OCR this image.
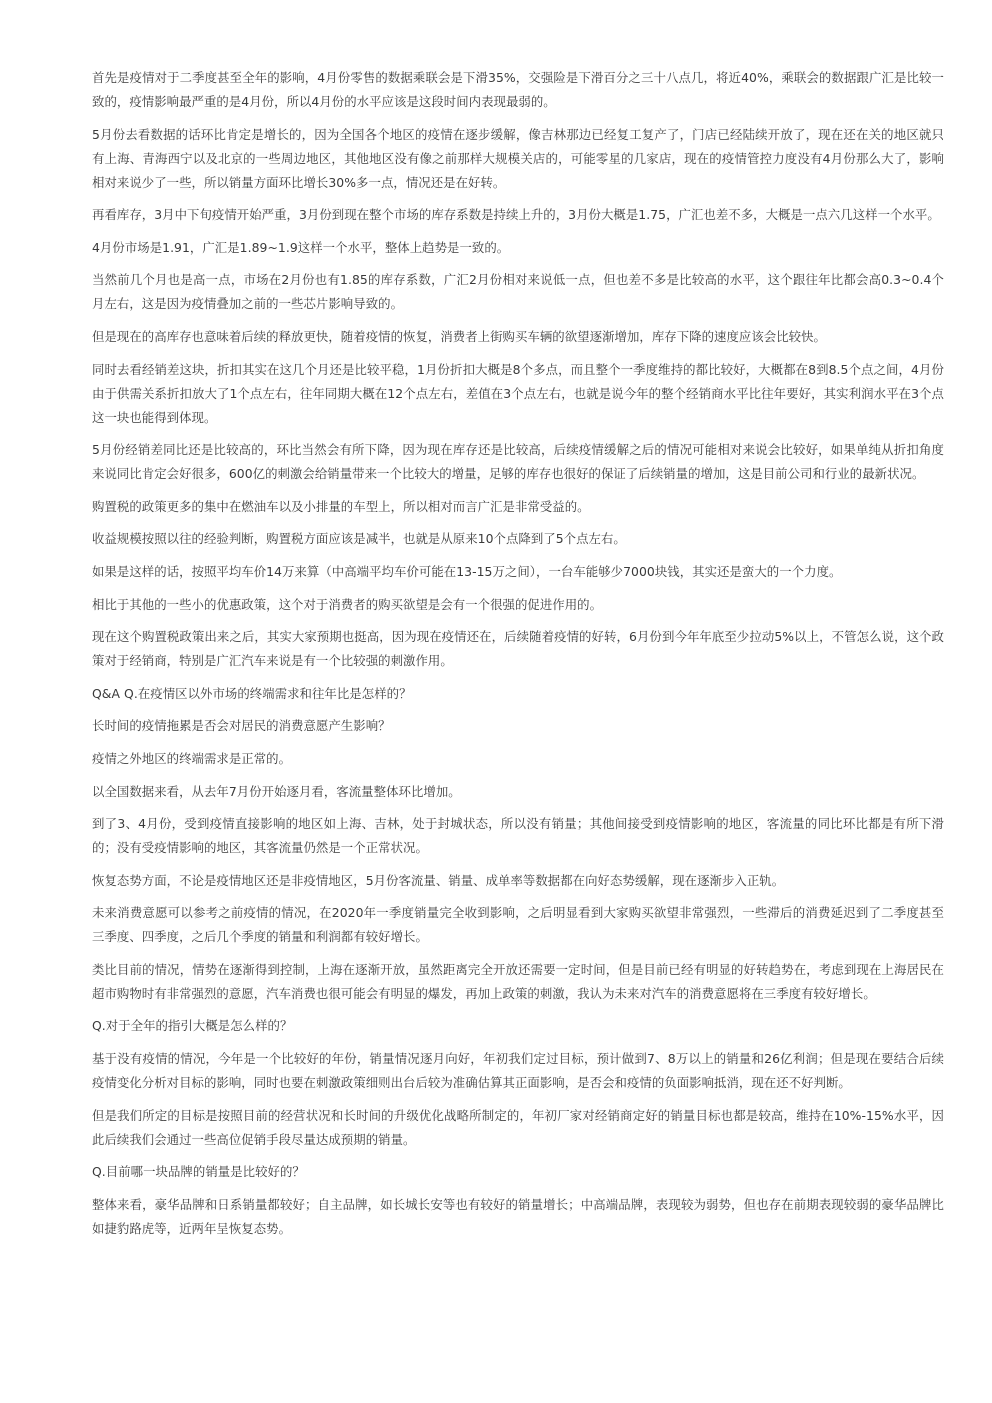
首先是疫情对于二季度甚至全年的影响，4月份零售的数据乘联会是下滑35%，交强险是下滑百分之三十八点几，将近40%，乘联会的数据跟广汇是比较一致的，疫情影响最严重的是4月份，所以4月份的水平应该是这段时间内表现最弱的。

5月份去看数据的话环比肯定是增长的，因为全国各个地区的疫情在逐步缓解，像吉林那边已经复工复产了，门店已经陆续开放了，现在还在关的地区就只有上海、青海西宁以及北京的一些周边地区，其他地区没有像之前那样大规模关店的，可能零星的几家店，现在的疫情管控力度没有4月份那么大了，影响相对来说少了一些，所以销量方面环比增长30%多一点，情况还是在好转。

再看库存，3月中下旬疫情开始严重，3月份到现在整个市场的库存系数是持续上升的，3月份大概是1.75，广汇也差不多，大概是一点六几这样一个水平。

4月份市场是1.91，广汇是1.89~1.9这样一个水平，整体上趋势是一致的。

当然前几个月也是高一点，市场在2月份也有1.85的库存系数，广汇2月份相对来说低一点，但也差不多是比较高的水平，这个跟往年比都会高0.3~0.4个月左右，这是因为疫情叠加之前的一些芯片影响导致的。

但是现在的高库存也意味着后续的释放更快，随着疫情的恢复，消费者上街购买车辆的欲望逐渐增加，库存下降的速度应该会比较快。

同时去看经销差这块，折扣其实在这几个月还是比较平稳，1月份折扣大概是8个多点，而且整个一季度维持的都比较好，大概都在8到8.5个点之间，4月份由于供需关系折扣放大了1个点左右，往年同期大概在12个点左右，差值在3个点左右，也就是说今年的整个经销商水平比往年要好，其实利润水平在3个点这一块也能得到体现。

5月份经销差同比还是比较高的，环比当然会有所下降，因为现在库存还是比较高，后续疫情缓解之后的情况可能相对来说会比较好，如果单纯从折扣角度来说同比肯定会好很多，600亿的刺激会给销量带来一个比较大的增量，足够的库存也很好的保证了后续销量的增加，这是目前公司和行业的最新状况。

购置税的政策更多的集中在燃油车以及小排量的车型上，所以相对而言广汇是非常受益的。

收益规模按照以往的经验判断，购置税方面应该是减半，也就是从原来10个点降到了5个点左右。

如果是这样的话，按照平均车价14万来算（中高端平均车价可能在13-15万之间），一台车能够少7000块钱，其实还是蛮大的一个力度。

相比于其他的一些小的优惠政策，这个对于消费者的购买欲望是会有一个很强的促进作用的。

现在这个购置税政策出来之后，其实大家预期也挺高，因为现在疫情还在，后续随着疫情的好转，6月份到今年年底至少拉动5%以上，不管怎么说，这个政策对于经销商，特别是广汇汽车来说是有一个比较强的刺激作用。

Q&A Q.在疫情区以外市场的终端需求和往年比是怎样的？

长时间的疫情拖累是否会对居民的消费意愿产生影响？

疫情之外地区的终端需求是正常的。

以全国数据来看，从去年7月份开始逐月看，客流量整体环比增加。

到了3、4月份，受到疫情直接影响的地区如上海、吉林，处于封城状态，所以没有销量；其他间接受到疫情影响的地区，客流量的同比环比都是有所下滑的；没有受疫情影响的地区，其客流量仍然是一个正常状况。

恢复态势方面，不论是疫情地区还是非疫情地区，5月份客流量、销量、成单率等数据都在向好态势缓解，现在逐渐步入正轨。

未来消费意愿可以参考之前疫情的情况，在2020年一季度销量完全收到影响，之后明显看到大家购买欲望非常强烈，一些滞后的消费延迟到了二季度甚至三季度、四季度，之后几个季度的销量和利润都有较好增长。

类比目前的情况，情势在逐渐得到控制，上海在逐渐开放，虽然距离完全开放还需要一定时间，但是目前已经有明显的好转趋势在，考虑到现在上海居民在超市购物时有非常强烈的意愿，汽车消费也很可能会有明显的爆发，再加上政策的刺激，我认为未来对汽车的消费意愿将在三季度有较好增长。

Q.对于全年的指引大概是怎么样的？

基于没有疫情的情况，今年是一个比较好的年份，销量情况逐月向好，年初我们定过目标，预计做到7、8万以上的销量和26亿利润；但是现在要结合后续疫情变化分析对目标的影响，同时也要在刺激政策细则出台后较为准确估算其正面影响，是否会和疫情的负面影响抵消，现在还不好判断。

但是我们所定的目标是按照目前的经营状况和长时间的升级优化战略所制定的，年初厂家对经销商定好的销量目标也都是较高，维持在10%-15%水平，因此后续我们会通过一些高位促销手段尽量达成预期的销量。

Q.目前哪一块品牌的销量是比较好的？

整体来看，豪华品牌和日系销量都较好；自主品牌，如长城长安等也有较好的销量增长；中高端品牌，表现较为弱势，但也存在前期表现较弱的豪华品牌比如捷豹路虎等，近两年呈恢复态势。
